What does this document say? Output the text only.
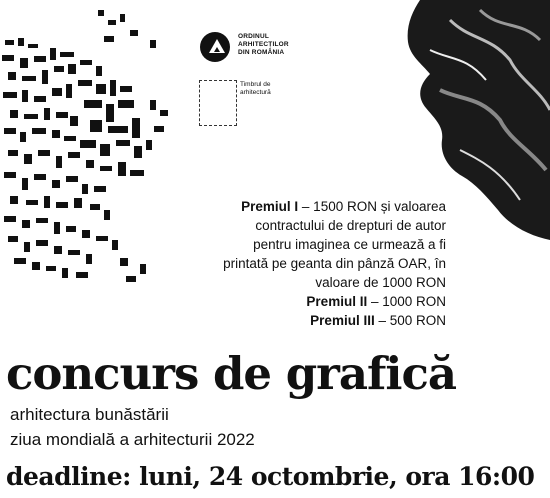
ORDINUL
ARHITECȚILOR
DIN ROMÂNIA
Timbrul de
arhitectură

Premiul I – 1500 RON și valoarea

contractului de drepturi de autor

pentru imaginea ce urmează a fi

printată pe geanta din pânză OAR, în

valoare de 1000 RON

Premiul II – 1000 RON

Premiul III – 500 RON

concurs de grafică
arhitectura bunăstării
ziua mondială a arhitecturii 2022
deadline: luni, 24 octombrie, ora 16:00
